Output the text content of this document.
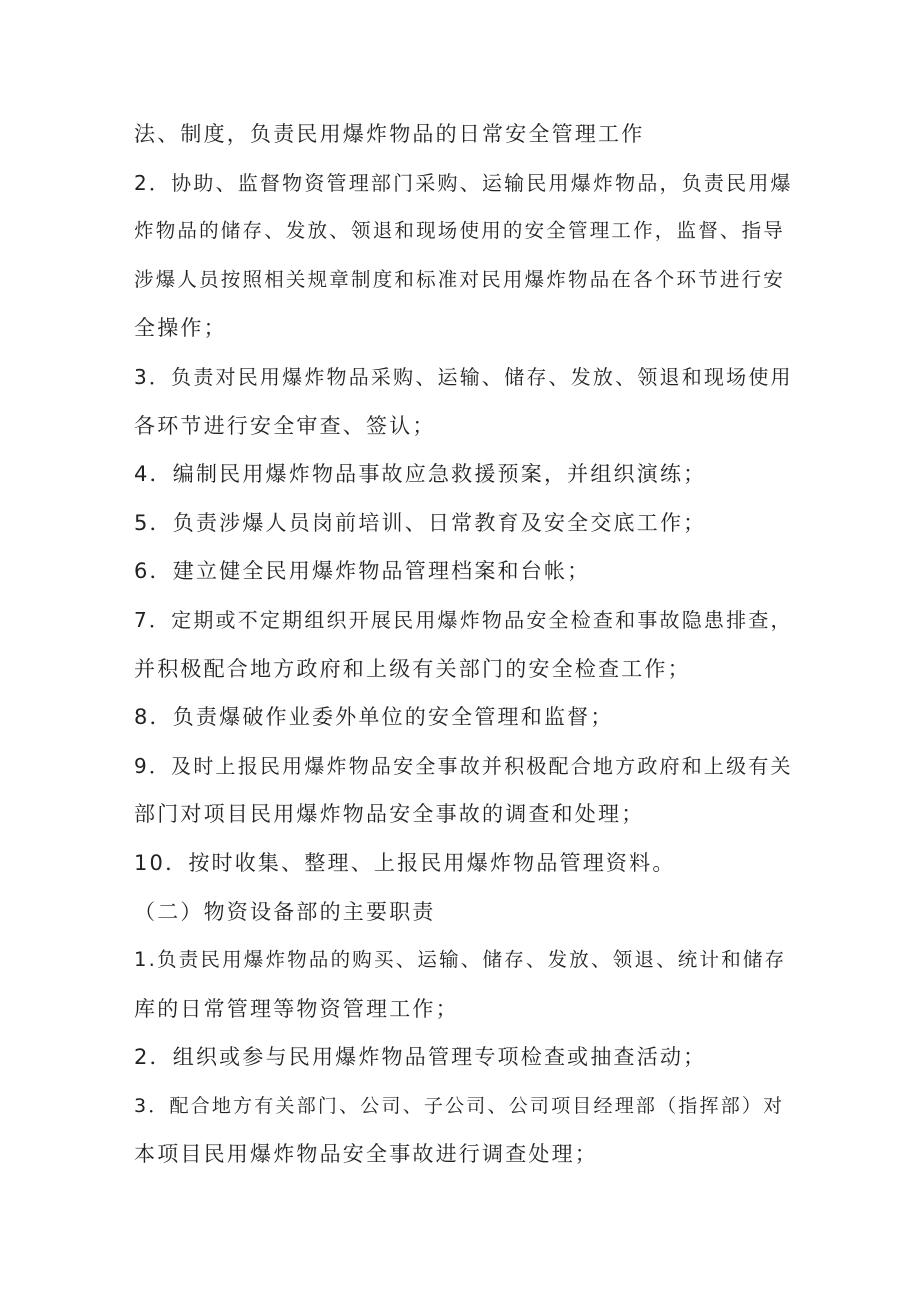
法、制度，负责民用爆炸物品的日常安全管理工作
2．协助、监督物资管理部门采购、运输民用爆炸物品，负责民用爆
炸物品的储存、发放、领退和现场使用的安全管理工作，监督、指导
涉爆人员按照相关规章制度和标准对民用爆炸物品在各个环节进行安
全操作；
3．负责对民用爆炸物品采购、运输、储存、发放、领退和现场使用
各环节进行安全审查、签认；
4．编制民用爆炸物品事故应急救援预案，并组织演练；
5．负责涉爆人员岗前培训、日常教育及安全交底工作；
6．建立健全民用爆炸物品管理档案和台帐；
7．定期或不定期组织开展民用爆炸物品安全检查和事故隐患排查，
并积极配合地方政府和上级有关部门的安全检查工作；
8．负责爆破作业委外单位的安全管理和监督；
9．及时上报民用爆炸物品安全事故并积极配合地方政府和上级有关
部门对项目民用爆炸物品安全事故的调查和处理；
10．按时收集、整理、上报民用爆炸物品管理资料。
（二）物资设备部的主要职责
1.负责民用爆炸物品的购买、运输、储存、发放、领退、统计和储存
库的日常管理等物资管理工作；
2．组织或参与民用爆炸物品管理专项检查或抽查活动；
3．配合地方有关部门、公司、子公司、公司项目经理部（指挥部）对
本项目民用爆炸物品安全事故进行调查处理；
